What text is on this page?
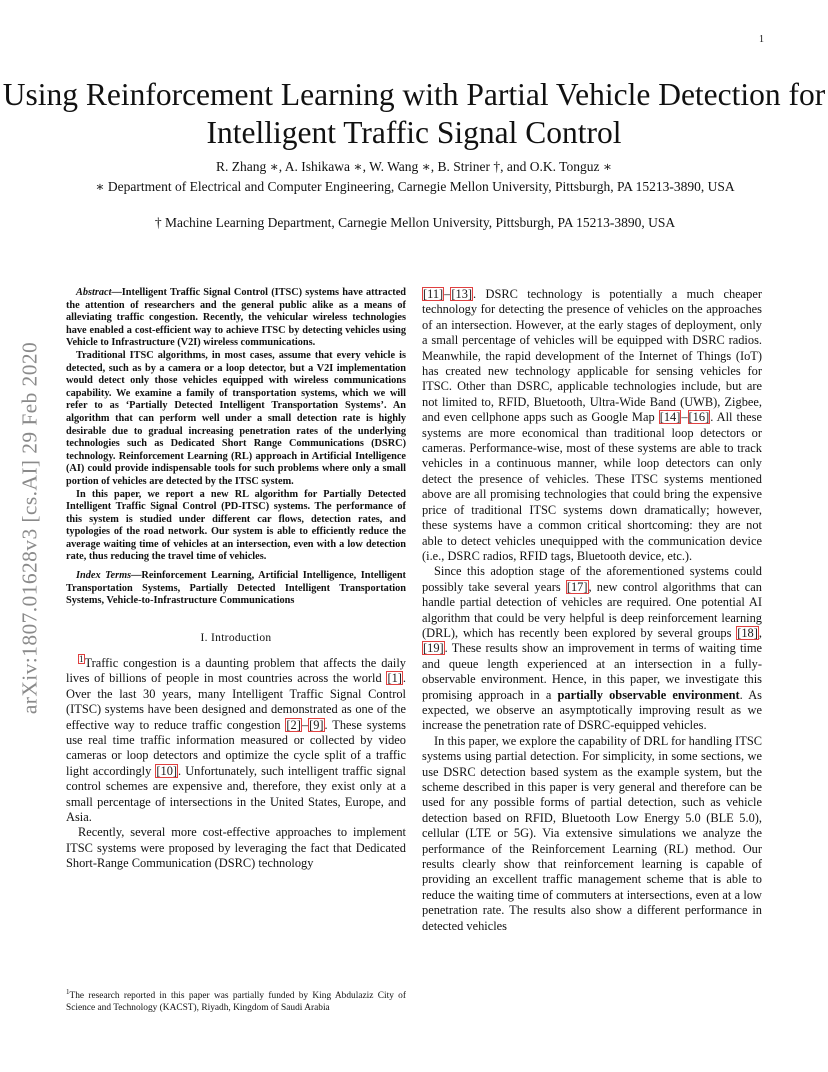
1
arXiv:1807.01628v3 [cs.AI] 29 Feb 2020
Using Reinforcement Learning with Partial Vehicle Detection for Intelligent Traffic Signal Control
R. Zhang ∗, A. Ishikawa ∗, W. Wang ∗, B. Striner †, and O.K. Tonguz ∗
∗ Department of Electrical and Computer Engineering, Carnegie Mellon University, Pittsburgh, PA 15213-3890, USA
† Machine Learning Department, Carnegie Mellon University, Pittsburgh, PA 15213-3890, USA

Abstract—Intelligent Traffic Signal Control (ITSC) systems have attracted the attention of researchers and the general public alike as a means of alleviating traffic congestion. Recently, the vehicular wireless technologies have enabled a cost-efficient way to achieve ITSC by detecting vehicles using Vehicle to Infrastructure (V2I) wireless communications.

Traditional ITSC algorithms, in most cases, assume that every vehicle is detected, such as by a camera or a loop detector, but a V2I implementation would detect only those vehicles equipped with wireless communications capability. We examine a family of transportation systems, which we will refer to as ‘Partially Detected Intelligent Transportation Systems’. An algorithm that can perform well under a small detection rate is highly desirable due to gradual increasing penetration rates of the underlying technologies such as Dedicated Short Range Communications (DSRC) technology. Reinforcement Learning (RL) approach in Artificial Intelligence (AI) could provide indispensable tools for such problems where only a small portion of vehicles are detected by the ITSC system.

In this paper, we report a new RL algorithm for Partially Detected Intelligent Traffic Signal Control (PD-ITSC) systems. The performance of this system is studied under different car flows, detection rates, and typologies of the road network. Our system is able to efficiently reduce the average waiting time of vehicles at an intersection, even with a low detection rate, thus reducing the travel time of vehicles.

Index Terms—Reinforcement Learning, Artificial Intelligence, Intelligent Transportation Systems, Partially Detected Intelligent Transportation Systems, Vehicle-to-Infrastructure Communications

I. Introduction

$^1$Traffic congestion is a daunting problem that affects the daily lives of billions of people in most countries across the world [1]. Over the last 30 years, many Intelligent Traffic Signal Control (ITSC) systems have been designed and demonstrated as one of the effective way to reduce traffic congestion [2]–[9]. These systems use real time traffic information measured or collected by video cameras or loop detectors and optimize the cycle split of a traffic light accordingly [10]. Unfortunately, such intelligent traffic signal control schemes are expensive and, therefore, they exist only at a small percentage of intersections in the United States, Europe, and Asia.

Recently, several more cost-effective approaches to implement ITSC systems were proposed by leveraging the fact that Dedicated Short-Range Communication (DSRC) technology

[11]–[13]. DSRC technology is potentially a much cheaper technology for detecting the presence of vehicles on the approaches of an intersection. However, at the early stages of deployment, only a small percentage of vehicles will be equipped with DSRC radios. Meanwhile, the rapid development of the Internet of Things (IoT) has created new technology applicable for sensing vehicles for ITSC. Other than DSRC, applicable technologies include, but are not limited to, RFID, Bluetooth, Ultra-Wide Band (UWB), Zigbee, and even cellphone apps such as Google Map [14]–[16]. All these systems are more economical than traditional loop detectors or cameras. Performance-wise, most of these systems are able to track vehicles in a continuous manner, while loop detectors can only detect the presence of vehicles. These ITSC systems mentioned above are all promising technologies that could bring the expensive price of traditional ITSC systems down dramatically; however, these systems have a common critical shortcoming: they are not able to detect vehicles unequipped with the communication device (i.e., DSRC radios, RFID tags, Bluetooth device, etc.).

Since this adoption stage of the aforementioned systems could possibly take several years [17], new control algorithms that can handle partial detection of vehicles are required. One potential AI algorithm that could be very helpful is deep reinforcement learning (DRL), which has recently been explored by several groups [18], [19]. These results show an improvement in terms of waiting time and queue length experienced at an intersection in a fully-observable environment. Hence, in this paper, we investigate this promising approach in a partially observable environment. As expected, we observe an asymptotically improving result as we increase the penetration rate of DSRC-equipped vehicles.

In this paper, we explore the capability of DRL for handling ITSC systems using partial detection. For simplicity, in some sections, we use DSRC detection based system as the example system, but the scheme described in this paper is very general and therefore can be used for any possible forms of partial detection, such as vehicle detection based on RFID, Bluetooth Low Energy 5.0 (BLE 5.0), cellular (LTE or 5G). Via extensive simulations we analyze the performance of the Reinforcement Learning (RL) method. Our results clearly show that reinforcement learning is capable of providing an excellent traffic management scheme that is able to reduce the waiting time of commuters at intersections, even at a low penetration rate. The results also show a different performance in detected vehicles

$^1$The research reported in this paper was partially funded by King Abdulaziz City of Science and Technology (KACST), Riyadh, Kingdom of Saudi Arabia
